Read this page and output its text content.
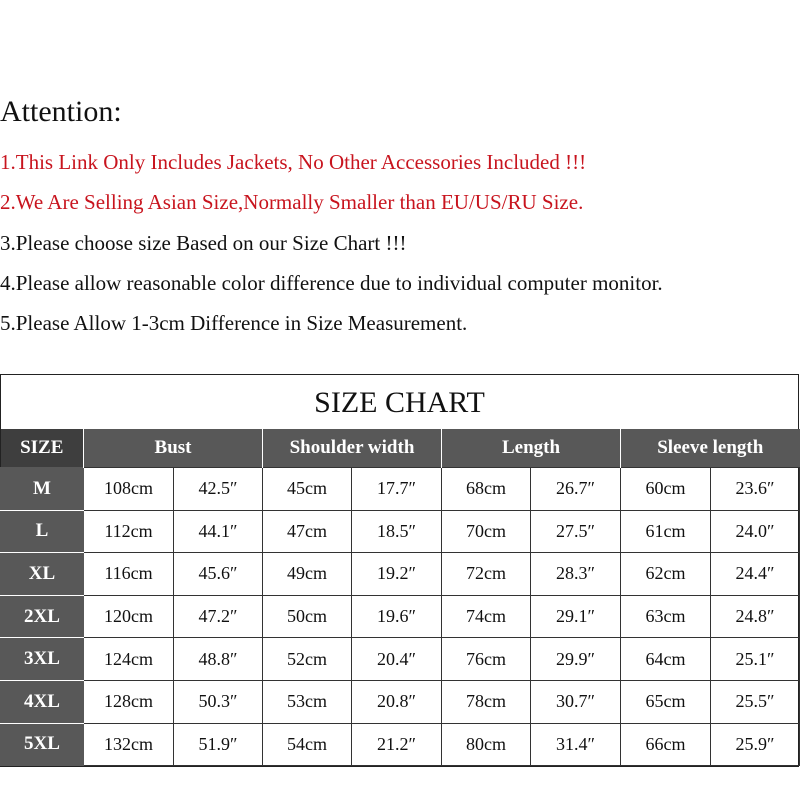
Attention:
1.This Link Only Includes Jackets, No Other Accessories Included !!!
2.We Are Selling Asian Size,Normally Smaller than EU/US/RU Size.
3.Please choose size Based on our Size Chart !!!
4.Please allow reasonable color difference due to individual computer monitor.
5.Please Allow 1-3cm Difference in Size Measurement.
SIZE CHART
SIZE	Bust		Shoulder width		Length		Sleeve length	
M	108cm	42.5″	45cm	17.7″	68cm	26.7″	60cm	23.6″
L	112cm	44.1″	47cm	18.5″	70cm	27.5″	61cm	24.0″
XL	116cm	45.6″	49cm	19.2″	72cm	28.3″	62cm	24.4″
2XL	120cm	47.2″	50cm	19.6″	74cm	29.1″	63cm	24.8″
3XL	124cm	48.8″	52cm	20.4″	76cm	29.9″	64cm	25.1″
4XL	128cm	50.3″	53cm	20.8″	78cm	30.7″	65cm	25.5″
5XL	132cm	51.9″	54cm	21.2″	80cm	31.4″	66cm	25.9″
